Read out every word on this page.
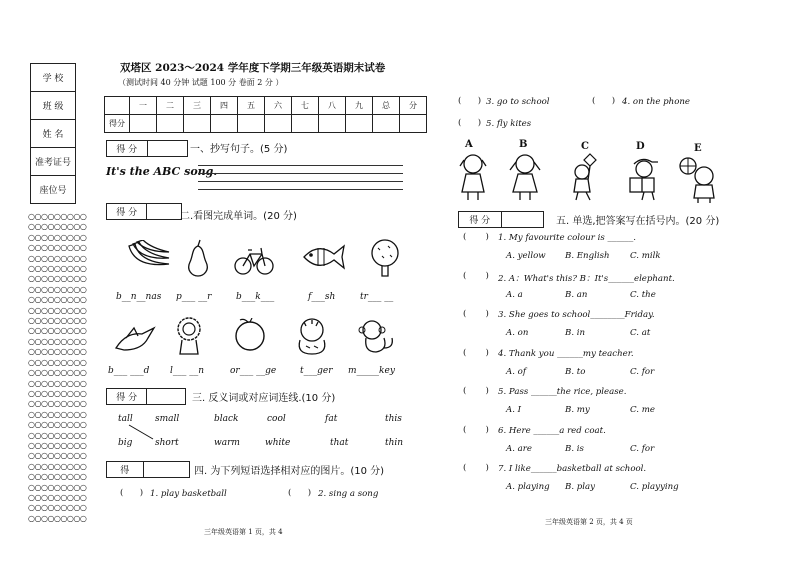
学 校
班 级
姓 名
准考证号
座位号
○○○○○○○○○
○○○○○○○○○
○○○○○○○○○
○○○○○○○○○
○○○○○○○○○
○○○○○○○○○
○○○○○○○○○
○○○○○○○○○
○○○○○○○○○
○○○○○○○○○
○○○○○○○○○
○○○○○○○○○
○○○○○○○○○
○○○○○○○○○
○○○○○○○○○
○○○○○○○○○
○○○○○○○○○
○○○○○○○○○
○○○○○○○○○
○○○○○○○○○
○○○○○○○○○
○○○○○○○○○
○○○○○○○○○
○○○○○○○○○
○○○○○○○○○
○○○○○○○○○
○○○○○○○○○
○○○○○○○○○
○○○○○○○○○
○○○○○○○○○
双塔区 2023～2024 学年度下学期三年级英语期末试卷
（测试时间 40 分钟 试题 100 分 卷面 2 分 ）
	一	二	三	四	五	六	七	八	九	总	分
得分											
得 分	一、抄写句子。(5 分)
It's the ABC song.
得 分	二.看图完成单词。(20 分)
b__n__nas p___ __r	b___k___	f___sh	tr___ __
b___ ___d l___ __n	or___ __ge	t___ger m_____key
得 分	三. 反义词或对应词连线.(10 分)
tall small	black	cool	fat	this
big	short	warm	white	that	thin
得	四. 为下列短语选择相对应的图片。(10 分)
(      ) 1. play basketball	(      ) 2. sing a song
(      ) 3. go to school	(      ) 4. on the phone
(      ) 5. fly kites
A	B	C	D	E
得 分	五. 单选,把答案写在括号内。(20 分)
(       ) 1. My favourite colour is ______.
A. yellow B. English C. milk
(       ) 2. A：What's this? B：It's______elephant.
A. a	B. an	C. the
(       ) 3. She goes to school________Friday.
A. on	B. in	C. at
(       ) 4. Thank you ______my teacher.
A. of	B. to	C. for
(       ) 5. Pass ______the rice, please.
A. I	B. my	C. me
(       ) 6. Here ______a red coat.
A. are	B. is	C. for
(       ) 7. I like______basketball at school.
A. playing B. play	C. playying
三年级英语第 1 页，共 4
三年级英语第 2 页，共 4 页
